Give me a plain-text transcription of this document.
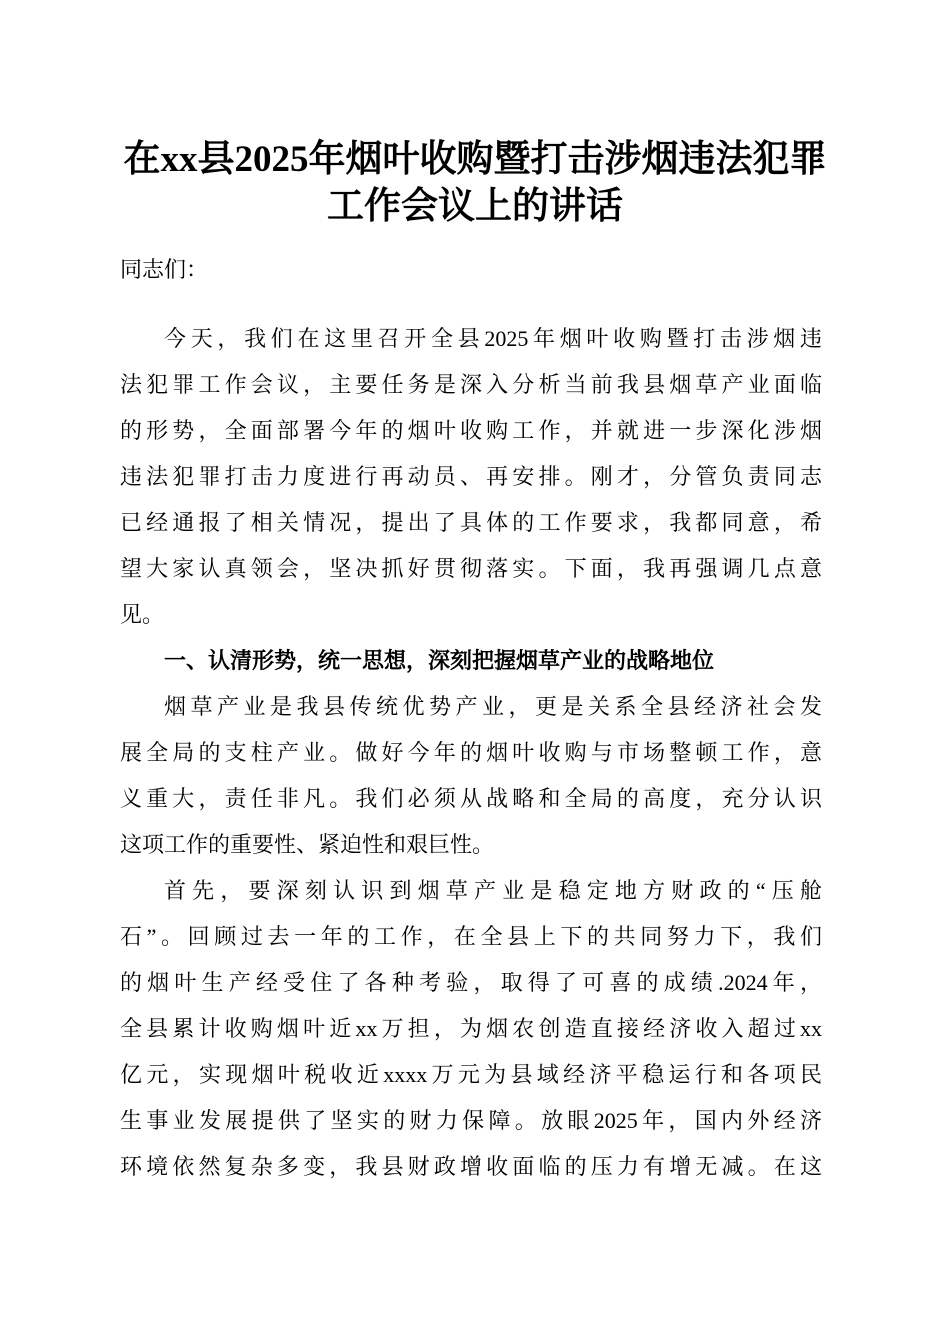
在xx县2025年烟叶收购暨打击涉烟违法犯罪
工作会议上的讲话
同志们：
今天，我们在这里召开全县2025年烟叶收购暨打击涉烟违
法犯罪工作会议，主要任务是深入分析当前我县烟草产业面临
的形势，全面部署今年的烟叶收购工作，并就进一步深化涉烟
违法犯罪打击力度进行再动员、再安排。刚才，分管负责同志
已经通报了相关情况，提出了具体的工作要求，我都同意，希
望大家认真领会，坚决抓好贯彻落实。下面，我再强调几点意
见。
一、认清形势，统一思想，深刻把握烟草产业的战略地位
烟草产业是我县传统优势产业，更是关系全县经济社会发
展全局的支柱产业。做好今年的烟叶收购与市场整顿工作，意
义重大，责任非凡。我们必须从战略和全局的高度，充分认识
这项工作的重要性、紧迫性和艰巨性。
首先，要深刻认识到烟草产业是稳定地方财政的“压舱
石”。回顾过去一年的工作，在全县上下的共同努力下，我们
的烟叶生产经受住了各种考验，取得了可喜的成绩.2024年，
全县累计收购烟叶近xx万担，为烟农创造直接经济收入超过xx
亿元，实现烟叶税收近xxxx万元为县域经济平稳运行和各项民
生事业发展提供了坚实的财力保障。放眼2025年，国内外经济
环境依然复杂多变，我县财政增收面临的压力有增无减。在这
